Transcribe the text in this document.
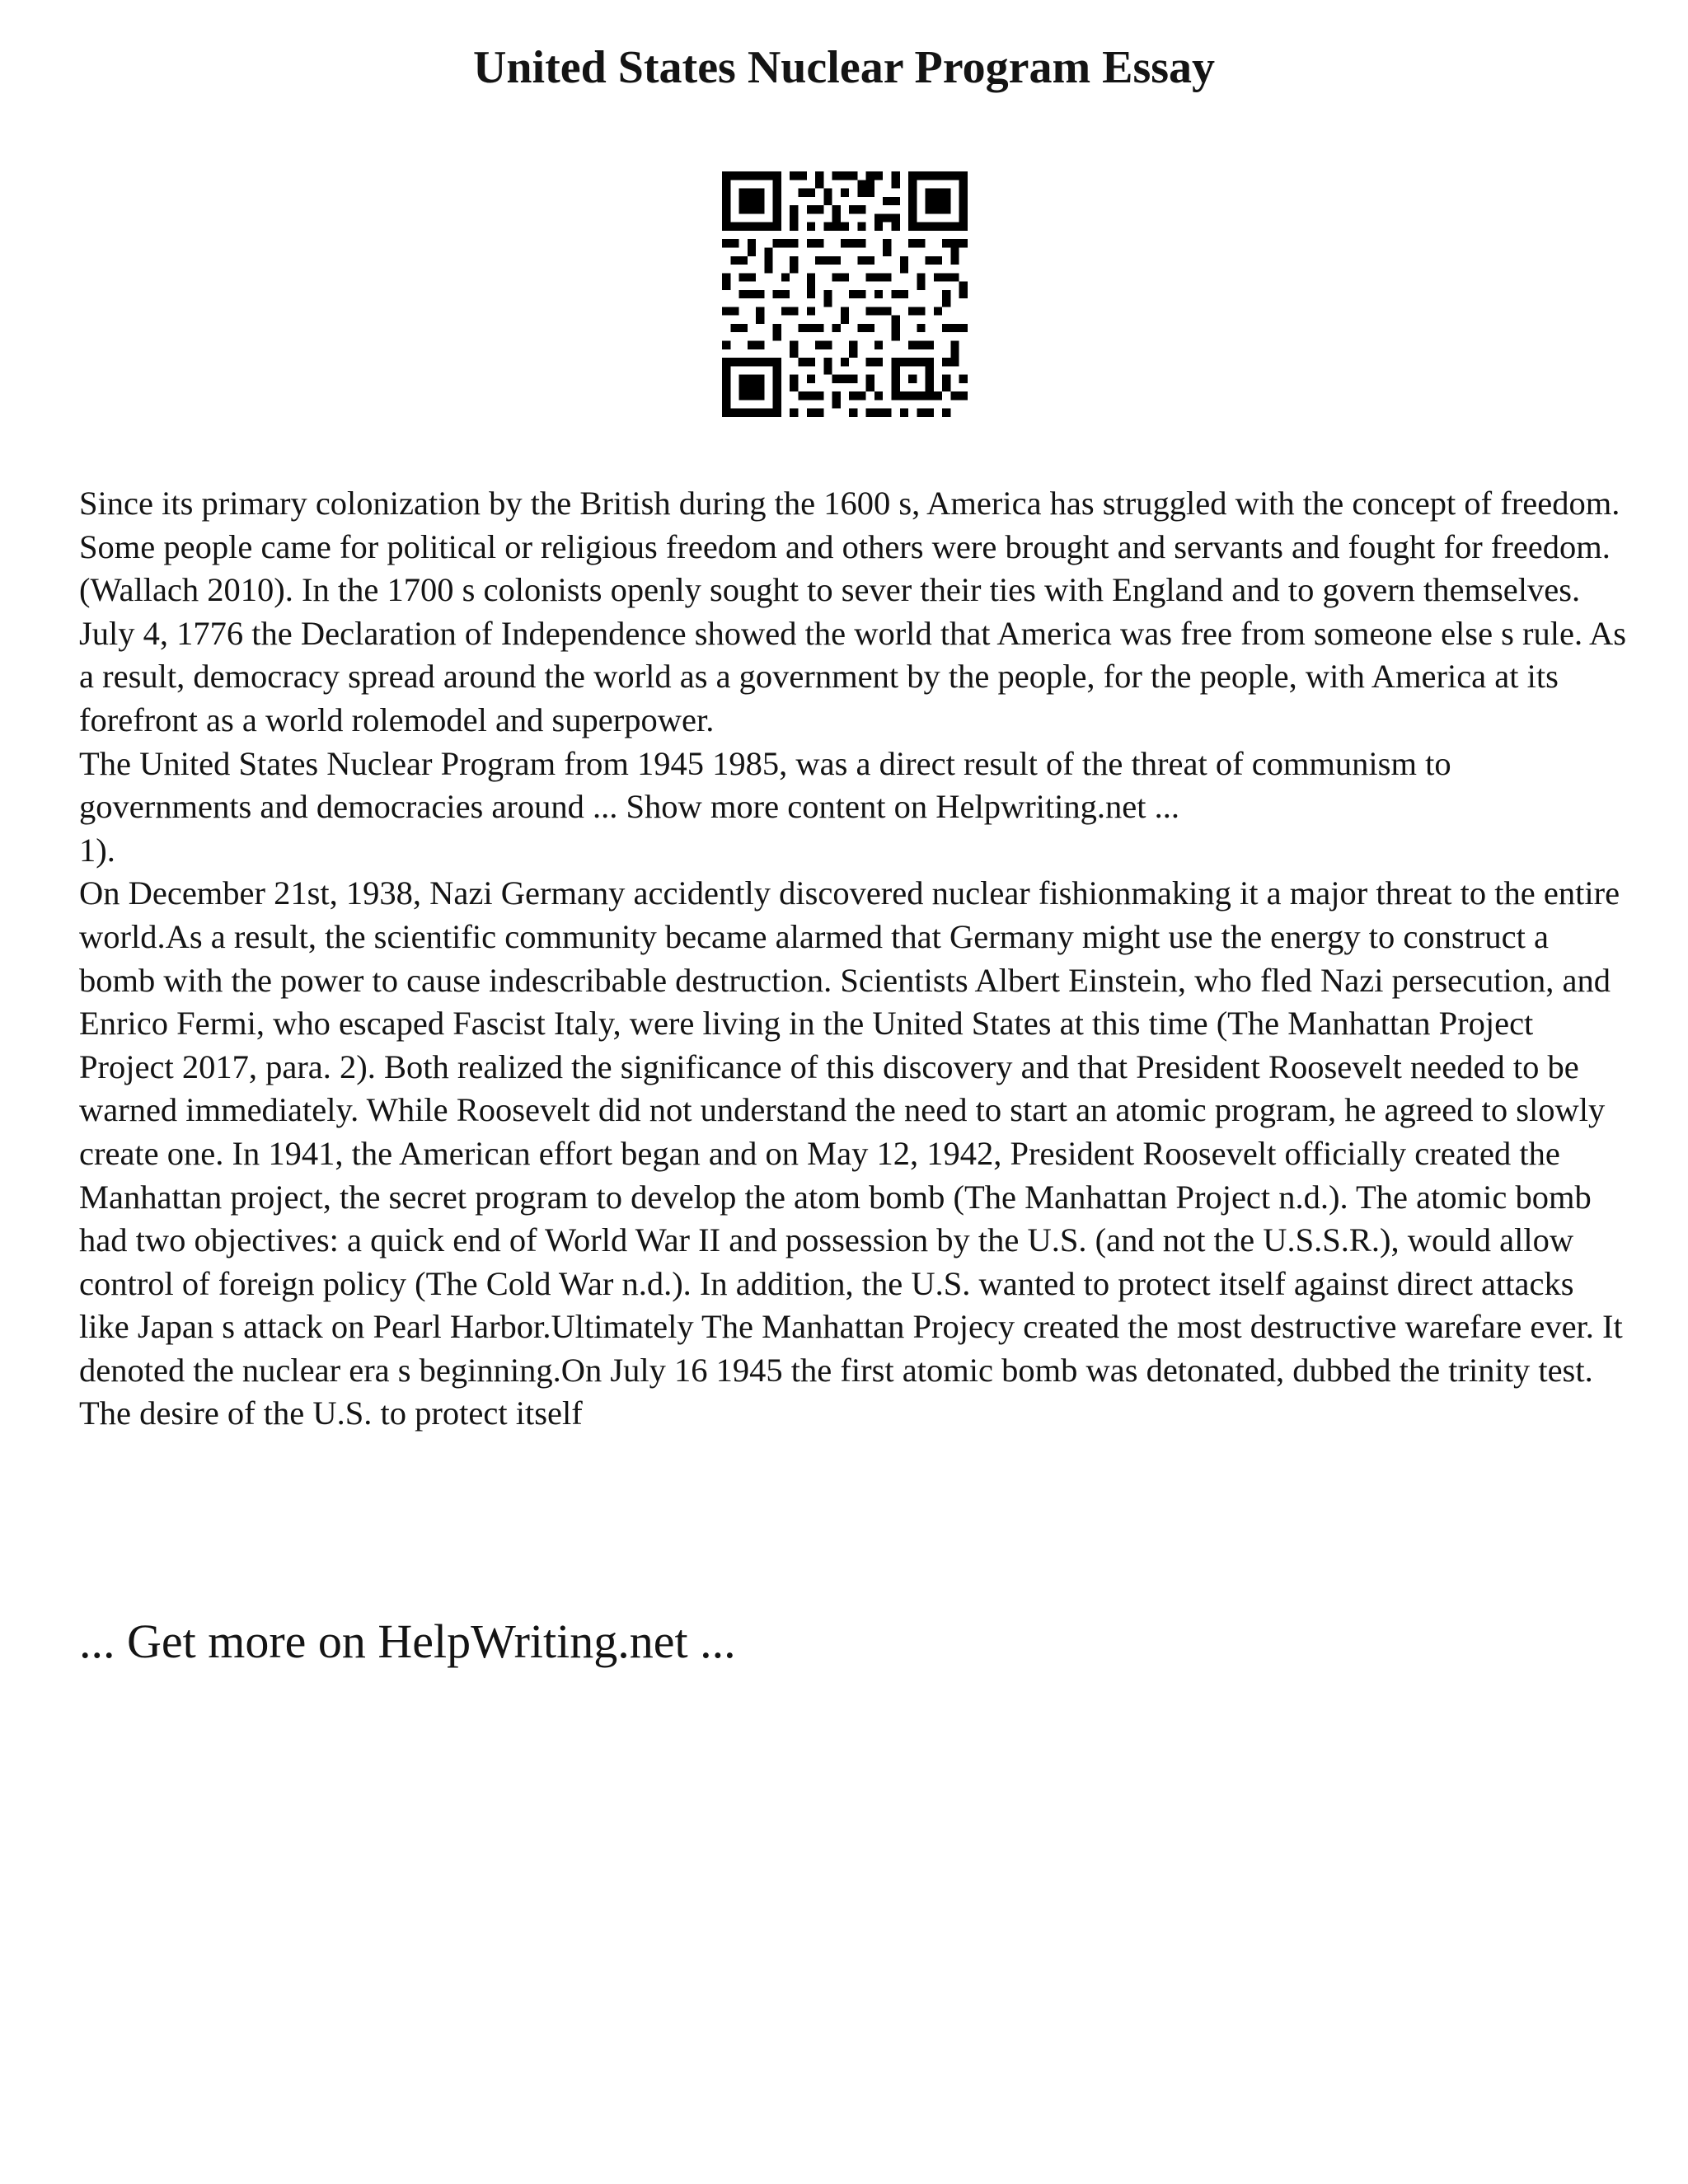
United States Nuclear Program Essay

Since its primary colonization by the British during the 1600 s, America has struggled with the concept of freedom. Some people came for political or religious freedom and others were brought and servants and fought for freedom. (Wallach 2010). In the 1700 s colonists openly sought to sever their ties with England and to govern themselves. July 4, 1776 the Declaration of Independence showed the world that America was free from someone else s rule. As a result, democracy spread around the world as a government by the people, for the people, with America at its forefront as a world rolemodel and superpower.

The United States Nuclear Program from 1945 1985, was a direct result of the threat of communism to governments and democracies around ... Show more content on Helpwriting.net ...

1).

On December 21st, 1938, Nazi Germany accidently discovered nuclear fishionmaking it a major threat to the entire world.As a result, the scientific community became alarmed that Germany might use the energy to construct a bomb with the power to cause indescribable destruction. Scientists Albert Einstein, who fled Nazi persecution, and Enrico Fermi, who escaped Fascist Italy, were living in the United States at this time (The Manhattan Project Project 2017, para. 2). Both realized the significance of this discovery and that President Roosevelt needed to be warned immediately. While Roosevelt did not understand the need to start an atomic program, he agreed to slowly create one. In 1941, the American effort began and on May 12, 1942, President Roosevelt officially created the Manhattan project, the secret program to develop the atom bomb (The Manhattan Project n.d.). The atomic bomb had two objectives: a quick end of World War II and possession by the U.S. (and not the U.S.S.R.), would allow control of foreign policy (The Cold War n.d.). In addition, the U.S. wanted to protect itself against direct attacks like Japan s attack on Pearl Harbor.Ultimately The Manhattan Projecy created the most destructive warefare ever. It denoted the nuclear era s beginning.On July 16 1945 the first atomic bomb was detonated, dubbed the trinity test.

The desire of the U.S. to protect itself

... Get more on HelpWriting.net ...
